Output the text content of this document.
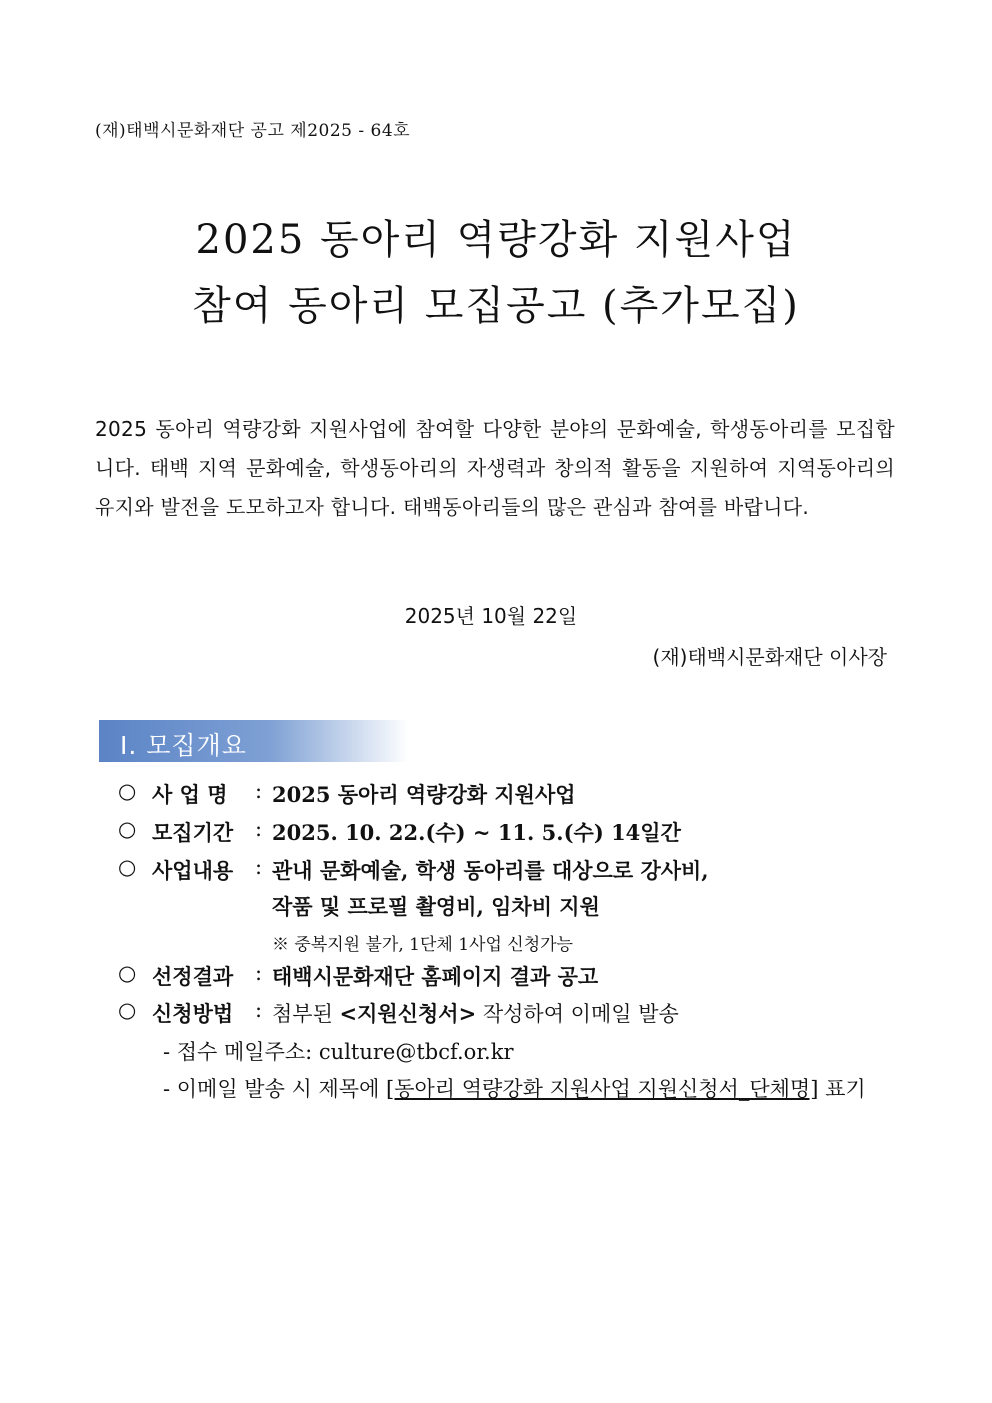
(재)태백시문화재단 공고 제2025 - 64호
2025 동아리 역량강화 지원사업
참여 동아리 모집공고 (추가모집)
2025 동아리 역량강화 지원사업에 참여할 다양한 분야의 문화예술, 학생동아리를 모집합니다. 태백 지역 문화예술, 학생동아리의 자생력과 창의적 활동을 지원하여 지역동아리의 유지와 발전을 도모하고자 합니다. 태백동아리들의 많은 관심과 참여를 바랍니다.
2025년 10월 22일
(재)태백시문화재단 이사장
Ⅰ. 모집개요
○ 사 업 명 : 2025 동아리 역량강화 지원사업
○ 모집기간 : 2025. 10. 22.(수) ~ 11. 5.(수) 14일간
○ 사업내용 : 관내 문화예술, 학생 동아리를 대상으로 강사비,
작품 및 프로필 촬영비, 임차비 지원
※ 중복지원 불가, 1단체 1사업 신청가능
○ 선정결과 : 태백시문화재단 홈페이지 결과 공고
○ 신청방법 : 첨부된 <지원신청서> 작성하여 이메일 발송
- 접수 메일주소: culture@tbcf.or.kr
- 이메일 발송 시 제목에 [동아리 역량강화 지원사업 지원신청서_단체명] 표기
